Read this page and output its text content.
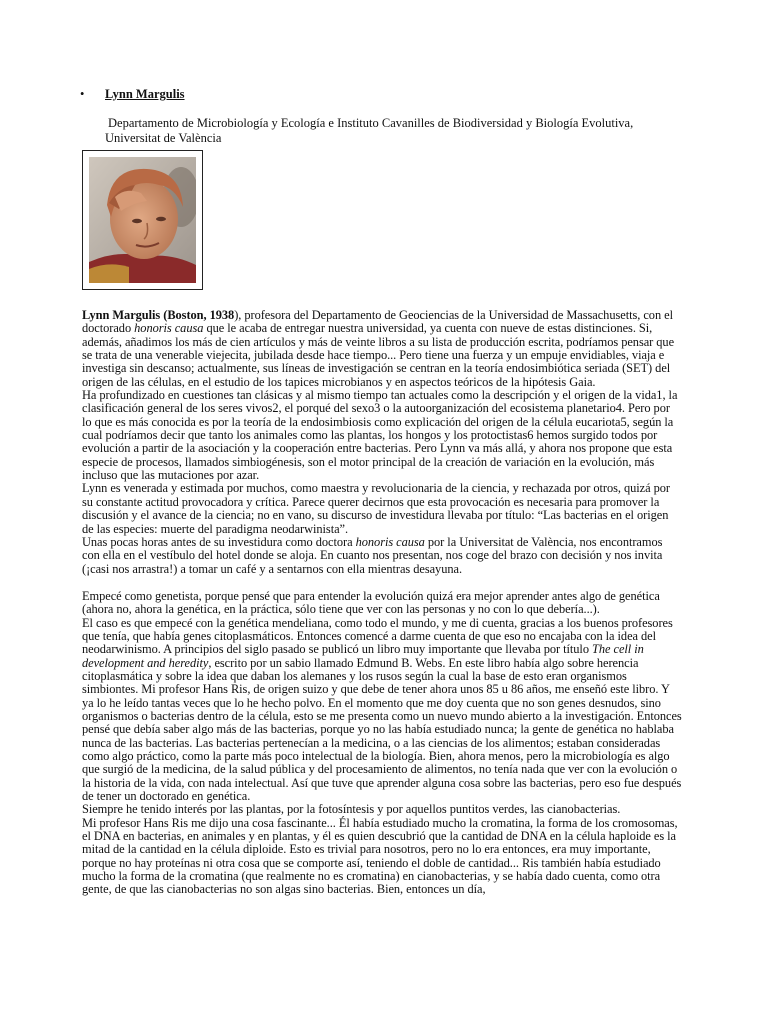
• Lynn Margulis
Departamento de Microbiología y Ecología e Instituto Cavanilles de Biodiversidad y Biología Evolutiva, Universitat de València

Lynn Margulis (Boston, 1938), profesora del Departamento de Geociencias de la Universidad de Massachusetts, con el doctorado honoris causa que le acaba de entregar nuestra universidad, ya cuenta con nueve de estas distinciones. Si, además, añadimos los más de cien artículos y más de veinte libros a su lista de producción escrita, podríamos pensar que se trata de una venerable viejecita, jubilada desde hace tiempo... Pero tiene una fuerza y un empuje envidiables, viaja e investiga sin descanso; actualmente, sus líneas de investigación se centran en la teoría endosimbiótica seriada (SET) del origen de las células, en el estudio de los tapices microbianos y en aspectos teóricos de la hipótesis Gaia.

Ha profundizado en cuestiones tan clásicas y al mismo tiempo tan actuales como la descripción y el origen de la vida1, la clasificación general de los seres vivos2, el porqué del sexo3 o la autoorganización del ecosistema planetario4. Pero por lo que es más conocida es por la teoría de la endosimbiosis como explicación del origen de la célula eucariota5, según la cual podríamos decir que tanto los animales como las plantas, los hongos y los protoctistas6 hemos surgido todos por evolución a partir de la asociación y la cooperación entre bacterias. Pero Lynn va más allá, y ahora nos propone que esta especie de procesos, llamados simbiogénesis, son el motor principal de la creación de variación en la evolución, más incluso que las mutaciones por azar.

Lynn es venerada y estimada por muchos, como maestra y revolucionaria de la ciencia, y rechazada por otros, quizá por su constante actitud provocadora y crítica. Parece querer decirnos que esta provocación es necesaria para promover la discusión y el avance de la ciencia; no en vano, su discurso de investidura llevaba por título: “Las bacterias en el origen de las especies: muerte del paradigma neodarwinista”.

Unas pocas horas antes de su investidura como doctora honoris causa por la Universitat de València, nos encontramos con ella en el vestíbulo del hotel donde se aloja. En cuanto nos presentan, nos coge del brazo con decisión y nos invita (¡casi nos arrastra!) a tomar un café y a sentarnos con ella mientras desayuna.

Empecé como genetista, porque pensé que para entender la evolución quizá era mejor aprender antes algo de genética (ahora no, ahora la genética, en la práctica, sólo tiene que ver con las personas y no con lo que debería...).

El caso es que empecé con la genética mendeliana, como todo el mundo, y me di cuenta, gracias a los buenos profesores que tenía, que había genes citoplasmáticos. Entonces comencé a darme cuenta de que eso no encajaba con la idea del neodarwinismo. A principios del siglo pasado se publicó un libro muy importante que llevaba por título The cell in development and heredity, escrito por un sabio llamado Edmund B. Webs. En este libro había algo sobre herencia citoplasmática y sobre la idea que daban los alemanes y los rusos según la cual la base de esto eran organismos simbiontes. Mi profesor Hans Ris, de origen suizo y que debe de tener ahora unos 85 u 86 años, me enseñó este libro. Y ya lo he leído tantas veces que lo he hecho polvo. En el momento que me doy cuenta que no son genes desnudos, sino organismos o bacterias dentro de la célula, esto se me presenta como un nuevo mundo abierto a la investigación. Entonces pensé que debía saber algo más de las bacterias, porque yo no las había estudiado nunca; la gente de genética no hablaba nunca de las bacterias. Las bacterias pertenecían a la medicina, o a las ciencias de los alimentos; estaban consideradas como algo práctico, como la parte más poco intelectual de la biología. Bien, ahora menos, pero la microbiología es algo que surgió de la medicina, de la salud pública y del procesamiento de alimentos, no tenía nada que ver con la evolución o la historia de la vida, con nada intelectual. Así que tuve que aprender alguna cosa sobre las bacterias, pero eso fue después de tener un doctorado en genética.

Siempre he tenido interés por las plantas, por la fotosíntesis y por aquellos puntitos verdes, las cianobacterias.

Mi profesor Hans Ris me dijo una cosa fascinante... Él había estudiado mucho la cromatina, la forma de los cromosomas, el DNA en bacterias, en animales y en plantas, y él es quien descubrió que la cantidad de DNA en la célula haploide es la mitad de la cantidad en la célula diploide. Esto es trivial para nosotros, pero no lo era entonces, era muy importante, porque no hay proteínas ni otra cosa que se comporte así, teniendo el doble de cantidad... Ris también había estudiado mucho la forma de la cromatina (que realmente no es cromatina) en cianobacterias, y se había dado cuenta, como otra gente, de que las cianobacterias no son algas sino bacterias. Bien, entonces un día,
